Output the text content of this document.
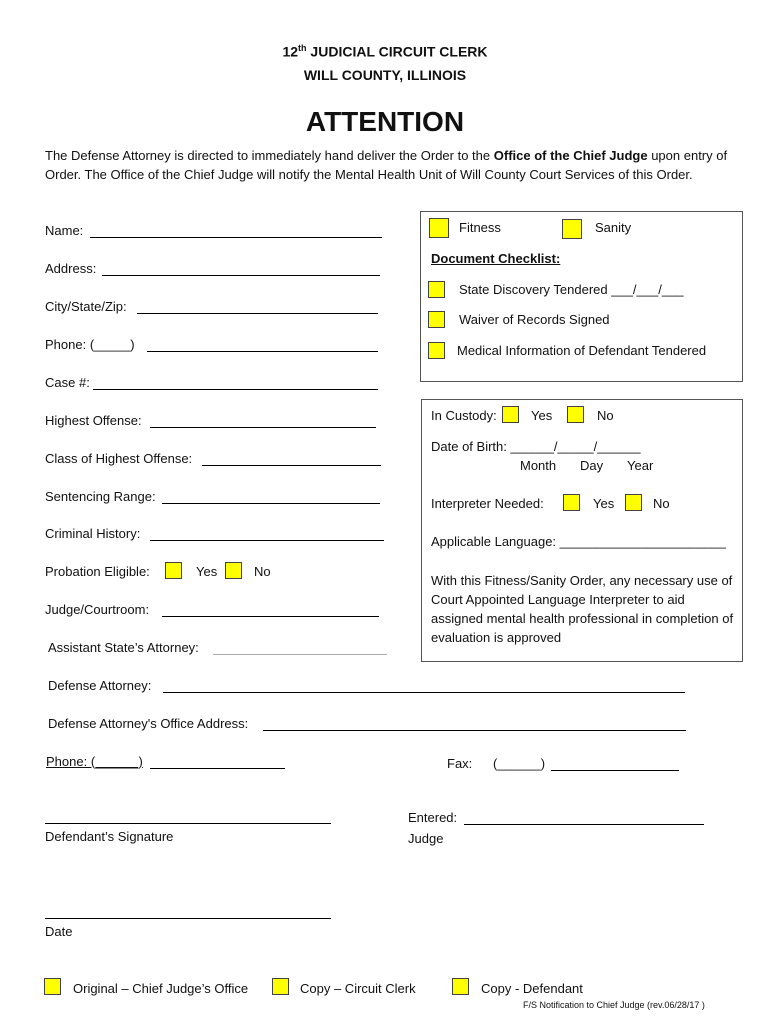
12th JUDICIAL CIRCUIT CLERK
WILL COUNTY, ILLINOIS
ATTENTION
The Defense Attorney is directed to immediately hand deliver the Order to the Office of the Chief Judge upon entry of Order. The Office of the Chief Judge will notify the Mental Health Unit of Will County Court Services of this Order.
Name:
Address:
City/State/Zip:
Phone: (_____)
Case #:
Highest Offense:
Class of Highest Offense:
Sentencing Range:
Criminal History:
Probation Eligible:	Yes	No
Judge/Courtroom:
Assistant State’s Attorney:
Fitness	Sanity
Document Checklist:
State Discovery Tendered ___/___/___
Waiver of Records Signed
Medical Information of Defendant Tendered
In Custody:	Yes	No
Date of Birth: ______/_____/______
Month Day Year
Interpreter Needed:	Yes	No
Applicable Language: _______________________
With this Fitness/Sanity Order, any necessary use of Court Appointed Language Interpreter to aid assigned mental health professional in completion of evaluation is approved
Defense Attorney:
Defense Attorney's Office Address:
Phone: (______)	Fax: (______)
Defendant’s Signature
Entered:
Judge
Date
Original – Chief Judge’s Office	Copy – Circuit Clerk	Copy - Defendant
F/S Notification to Chief Judge (rev.06/28/17 )
